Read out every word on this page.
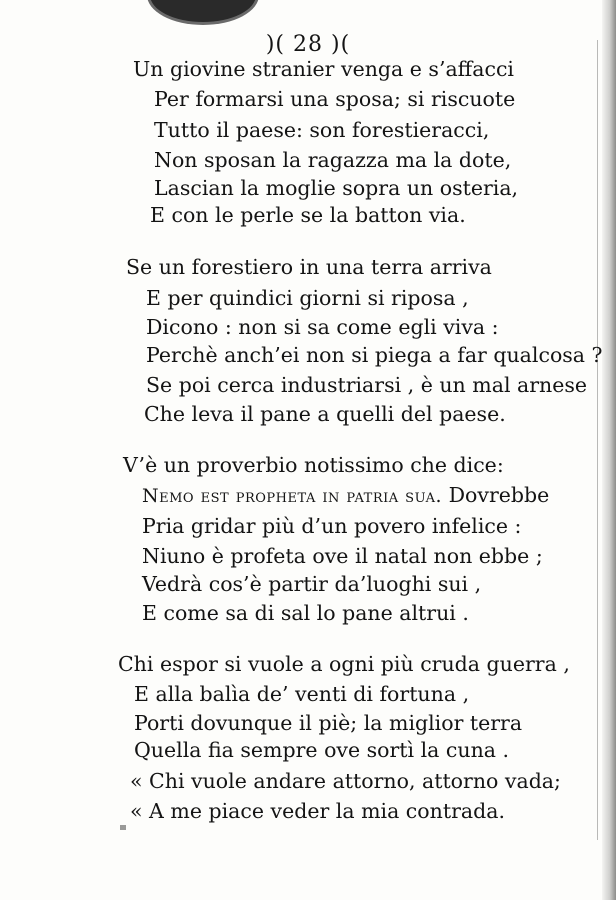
)( 28 )(
Un giovine stranier venga e s’affacci
Per formarsi una sposa; si riscuote
Tutto il paese: son forestieracci,
Non sposan la ragazza ma la dote,
Lascian la moglie sopra un osteria,
E con le perle se la batton via.
Se un forestiero in una terra arriva
E per quindici giorni si riposa ,
Dicono : non si sa come egli viva :
Perchè anch’ei non si piega a far qualcosa ?
Se poi cerca industriarsi , è un mal arnese
Che leva il pane a quelli del paese.
V’è un proverbio notissimo che dice:
Nemo est propheta in patria sua. Dovrebbe
Pria gridar più d’un povero infelice :
Niuno è profeta ove il natal non ebbe ;
Vedrà cos’è partir da’luoghi sui ,
E come sa di sal lo pane altrui .
Chi espor si vuole a ogni più cruda guerra ,
E alla balìa de’ venti di fortuna ,
Porti dovunque il piè; la miglior terra
Quella fia sempre ove sortì la cuna .
« Chi vuole andare attorno, attorno vada;
« A me piace veder la mia contrada.
